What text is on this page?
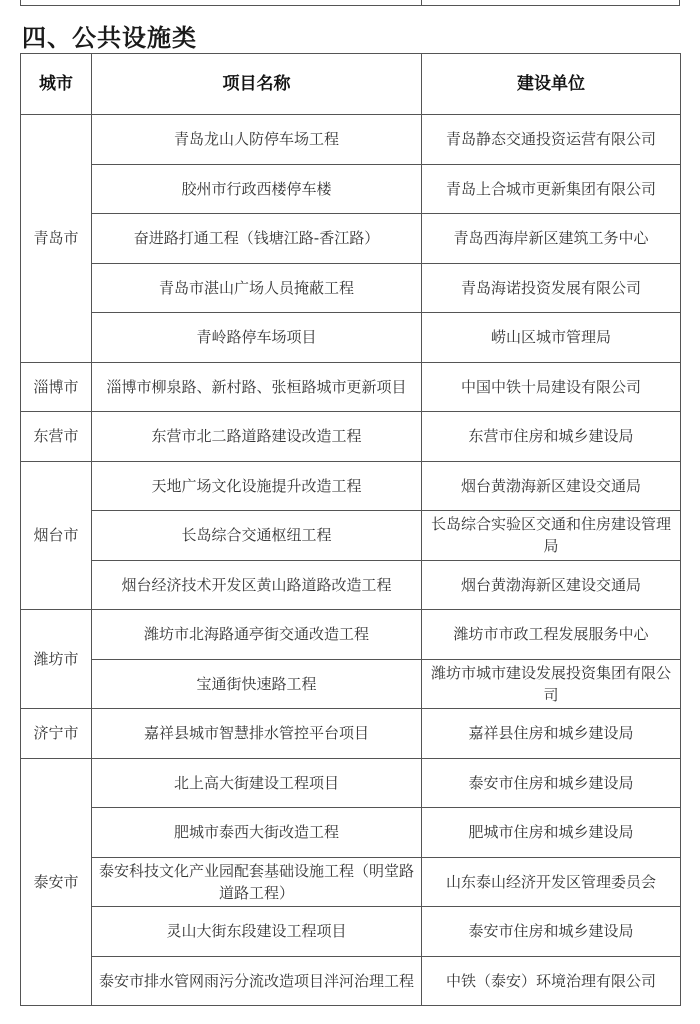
四、公共设施类
城市	项目名称	建设单位
青岛市	青岛龙山人防停车场工程	青岛静态交通投资运营有限公司
	胶州市行政西楼停车楼	青岛上合城市更新集团有限公司
	奋进路打通工程（钱塘江路-香江路）	青岛西海岸新区建筑工务中心
	青岛市湛山广场人员掩蔽工程	青岛海诺投资发展有限公司
	青岭路停车场项目	崂山区城市管理局
淄博市	淄博市柳泉路、新村路、张桓路城市更新项目	中国中铁十局建设有限公司
东营市	东营市北二路道路建设改造工程	东营市住房和城乡建设局
烟台市	天地广场文化设施提升改造工程	烟台黄渤海新区建设交通局
	长岛综合交通枢纽工程	长岛综合实验区交通和住房建设管理局
	烟台经济技术开发区黄山路道路改造工程	烟台黄渤海新区建设交通局
潍坊市	潍坊市北海路通亭街交通改造工程	潍坊市市政工程发展服务中心
	宝通街快速路工程	潍坊市城市建设发展投资集团有限公司
济宁市	嘉祥县城市智慧排水管控平台项目	嘉祥县住房和城乡建设局
泰安市	北上高大街建设工程项目	泰安市住房和城乡建设局
	肥城市泰西大街改造工程	肥城市住房和城乡建设局
	泰安科技文化产业园配套基础设施工程（明堂路道路工程）	山东泰山经济开发区管理委员会
	灵山大街东段建设工程项目	泰安市住房和城乡建设局
	泰安市排水管网雨污分流改造项目泮河治理工程	中铁（泰安）环境治理有限公司
